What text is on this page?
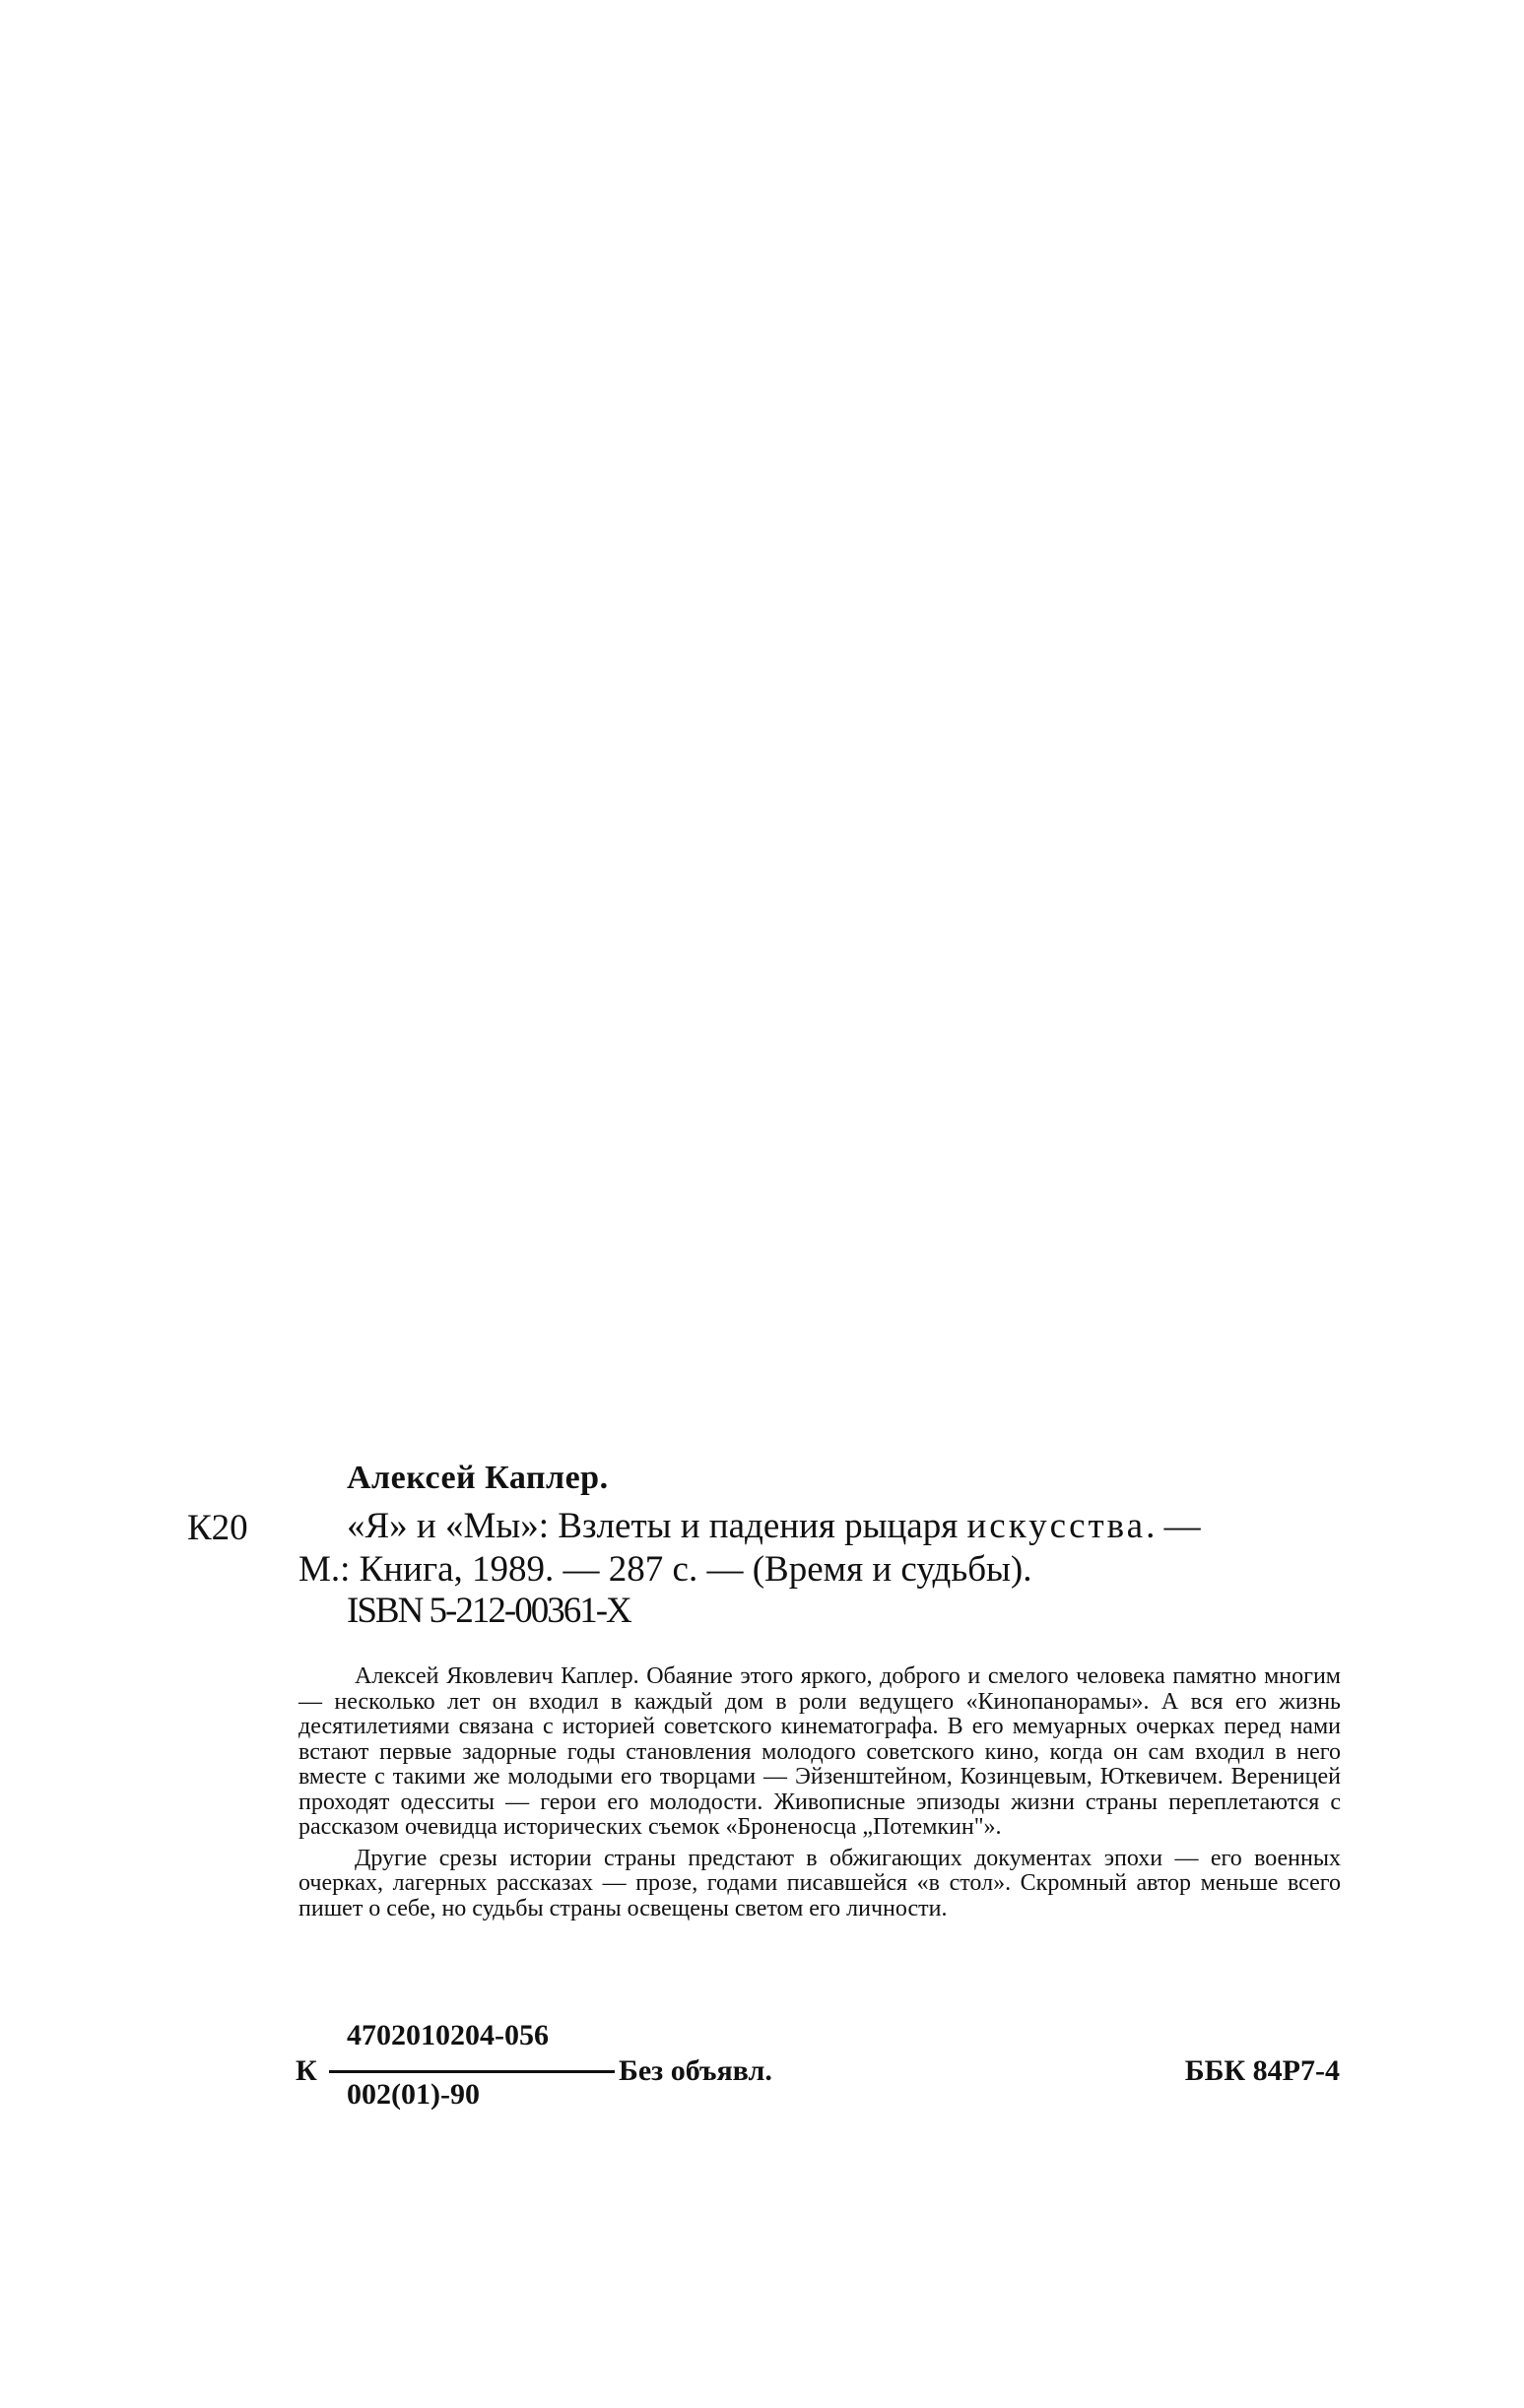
Алексей Каплер.
К20	«Я» и «Мы»: Взлеты и падения рыцаря искусства. —
М.: Книга, 1989. — 287 с. — (Время и судьбы).
ISBN 5-212-00361-X

Алексей Яковлевич Каплер. Обаяние этого яркого, доброго и смелого человека памятно многим — несколько лет он входил в каждый дом в роли ведущего «Кинопанорамы». А вся его жизнь десятилетиями связана с историей советского кинематографа. В его мемуарных очерках перед нами встают первые задорные годы становления молодого советского кино, когда он сам входил в него вместе с такими же молодыми его творцами — Эйзенштейном, Козинцевым, Юткевичем. Вереницей проходят одесситы — герои его молодости. Живописные эпизоды жизни страны переплетаются с рассказом очевидца исторических съемок «Броненосца „Потемкин"».

Другие срезы истории страны предстают в обжигающих документах эпохи — его военных очерках, лагерных рассказах — прозе, годами писавшейся «в стол». Скромный автор меньше всего пишет о себе, но судьбы страны освещены светом его личности.

К
4702010204-056
002(01)-90
Без объявл.	ББК 84Р7-4
